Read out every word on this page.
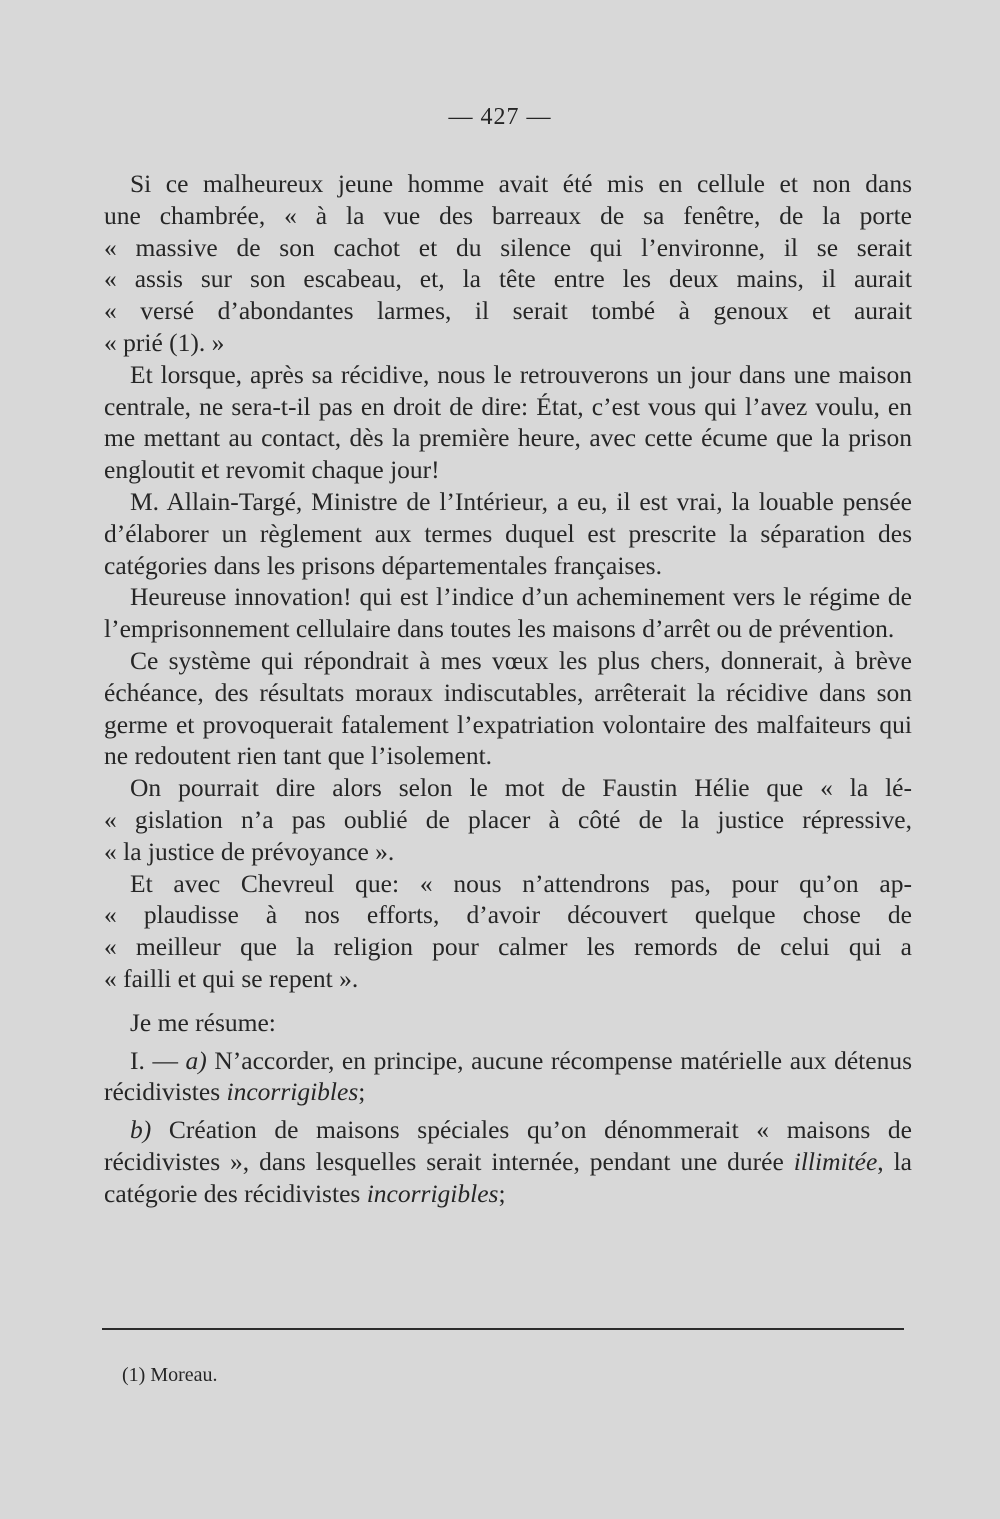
— 427 —

Si ce malheureux jeune homme avait été mis en cellule et non dans
une chambrée, « à la vue des barreaux de sa fenêtre, de la porte
« massive de son cachot et du silence qui l’environne, il se serait
« assis sur son escabeau, et, la tête entre les deux mains, il aurait
« versé d’abondantes larmes, il serait tombé à genoux et aurait
« prié (1). »

Et lorsque, après sa récidive, nous le retrouverons un jour dans une maison centrale, ne sera-t-il pas en droit de dire: État, c’est vous qui l’avez voulu, en me mettant au contact, dès la première heure, avec cette écume que la prison engloutit et revomit chaque jour!

M. Allain-Targé, Ministre de l’Intérieur, a eu, il est vrai, la louable pensée d’élaborer un règlement aux termes duquel est prescrite la séparation des catégories dans les prisons départementales françaises.

Heureuse innovation! qui est l’indice d’un acheminement vers le régime de l’emprisonnement cellulaire dans toutes les maisons d’arrêt ou de prévention.

Ce système qui répondrait à mes vœux les plus chers, donnerait, à brève échéance, des résultats moraux indiscutables, arrêterait la récidive dans son germe et provoquerait fatalement l’expatriation volontaire des malfaiteurs qui ne redoutent rien tant que l’isolement.

On pourrait dire alors selon le mot de Faustin Hélie que « la lé-
« gislation n’a pas oublié de placer à côté de la justice répressive,
« la justice de prévoyance ».

Et avec Chevreul que: « nous n’attendrons pas, pour qu’on ap-
« plaudisse à nos efforts, d’avoir découvert quelque chose de
« meilleur que la religion pour calmer les remords de celui qui a
« failli et qui se repent ».

Je me résume:

I. — a) N’accorder, en principe, aucune récompense matérielle aux détenus récidivistes incorrigibles;

b) Création de maisons spéciales qu’on dénommerait « maisons de récidivistes », dans lesquelles serait internée, pendant une durée illimitée, la catégorie des récidivistes incorrigibles;

(1) Moreau.
